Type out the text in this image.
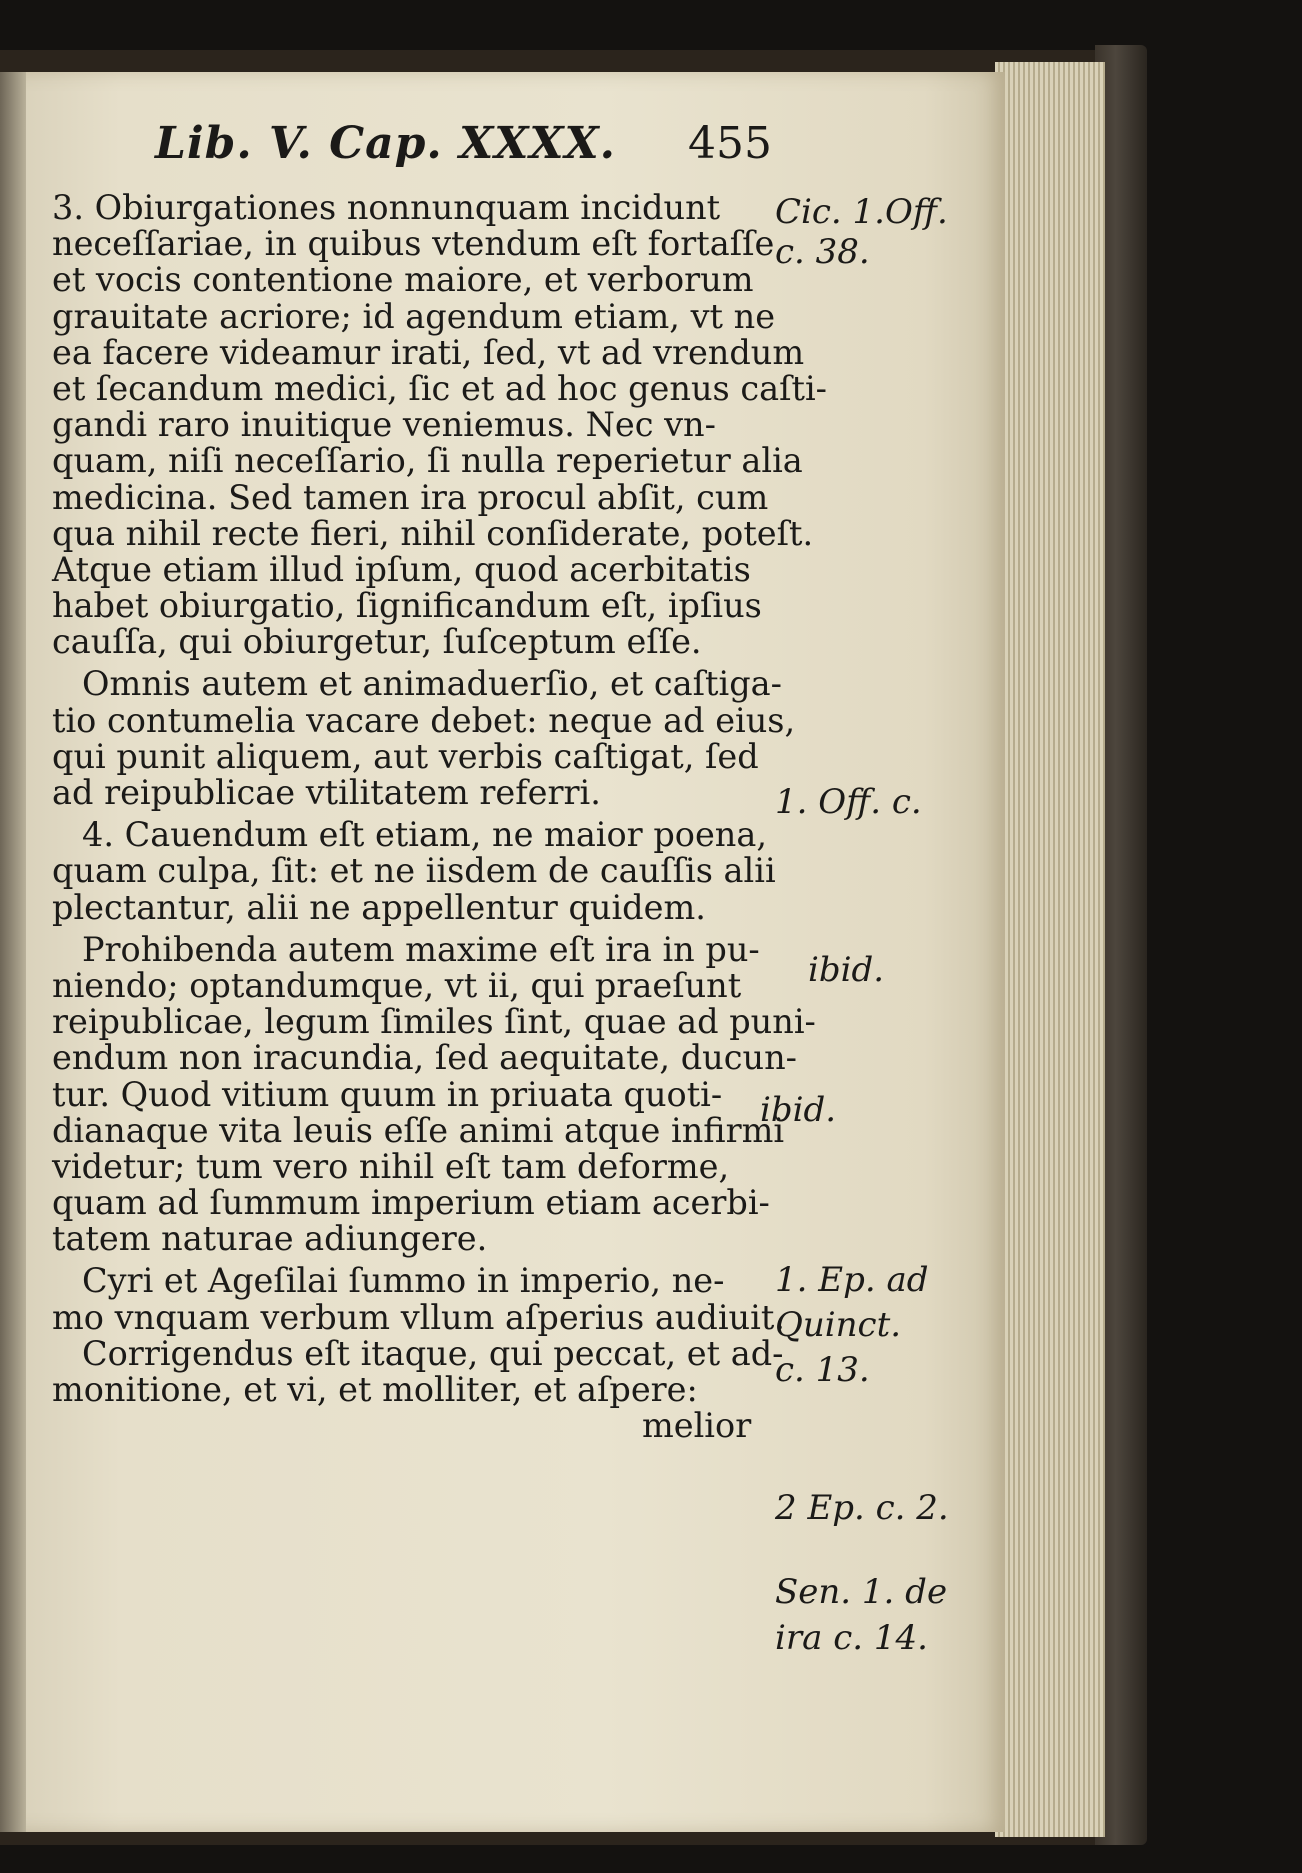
Lib. V. Cap. XXXX. 455
3. Obiurgationes nonnunquam incidunt
neceſſariae, in quibus vtendum eſt fortaſſe
et vocis contentione maiore, et verborum
grauitate acriore; id agendum etiam, vt ne
ea facere videamur irati, ſed, vt ad vrendum
et ſecandum medici, ſic et ad hoc genus caſti-
gandi raro inuitique veniemus. Nec vn-
quam, niſi neceſſario, ſi nulla reperietur alia
medicina. Sed tamen ira procul abſit, cum
qua nihil recte fieri, nihil conſiderate, poteſt.
Atque etiam illud ipſum, quod acerbitatis
habet obiurgatio, ſignificandum eſt, ipſius
cauſſa, qui obiurgetur, ſuſceptum eſſe.
Omnis autem et animaduerſio, et caſtiga-
tio contumelia vacare debet: neque ad eius,
qui punit aliquem, aut verbis caſtigat, ſed
ad reipublicae vtilitatem referri.
4. Cauendum eſt etiam, ne maior poena,
quam culpa, ſit: et ne iisdem de cauſſis alii
plectantur, alii ne appellentur quidem.
Prohibenda autem maxime eſt ira in pu-
niendo; optandumque, vt ii, qui praeſunt
reipublicae, legum ſimiles ſint, quae ad puni-
endum non iracundia, ſed aequitate, ducun-
tur. Quod vitium quum in priuata quoti-
dianaque vita leuis eſſe animi atque infirmi
videtur; tum vero nihil eſt tam deforme,
quam ad ſummum imperium etiam acerbi-
tatem naturae adiungere.
Cyri et Ageſilai ſummo in imperio, ne-
mo vnquam verbum vllum aſperius audiuit.
Corrigendus eſt itaque, qui peccat, et ad-
monitione, et vi, et molliter, et aſpere:
melior
Cic. 1.Off.
c. 38.
1. Off. c.
ibid.
ibid.
1. Ep. ad
Quinct.
c. 13.
2 Ep. c. 2.
Sen. 1. de
ira c. 14.
